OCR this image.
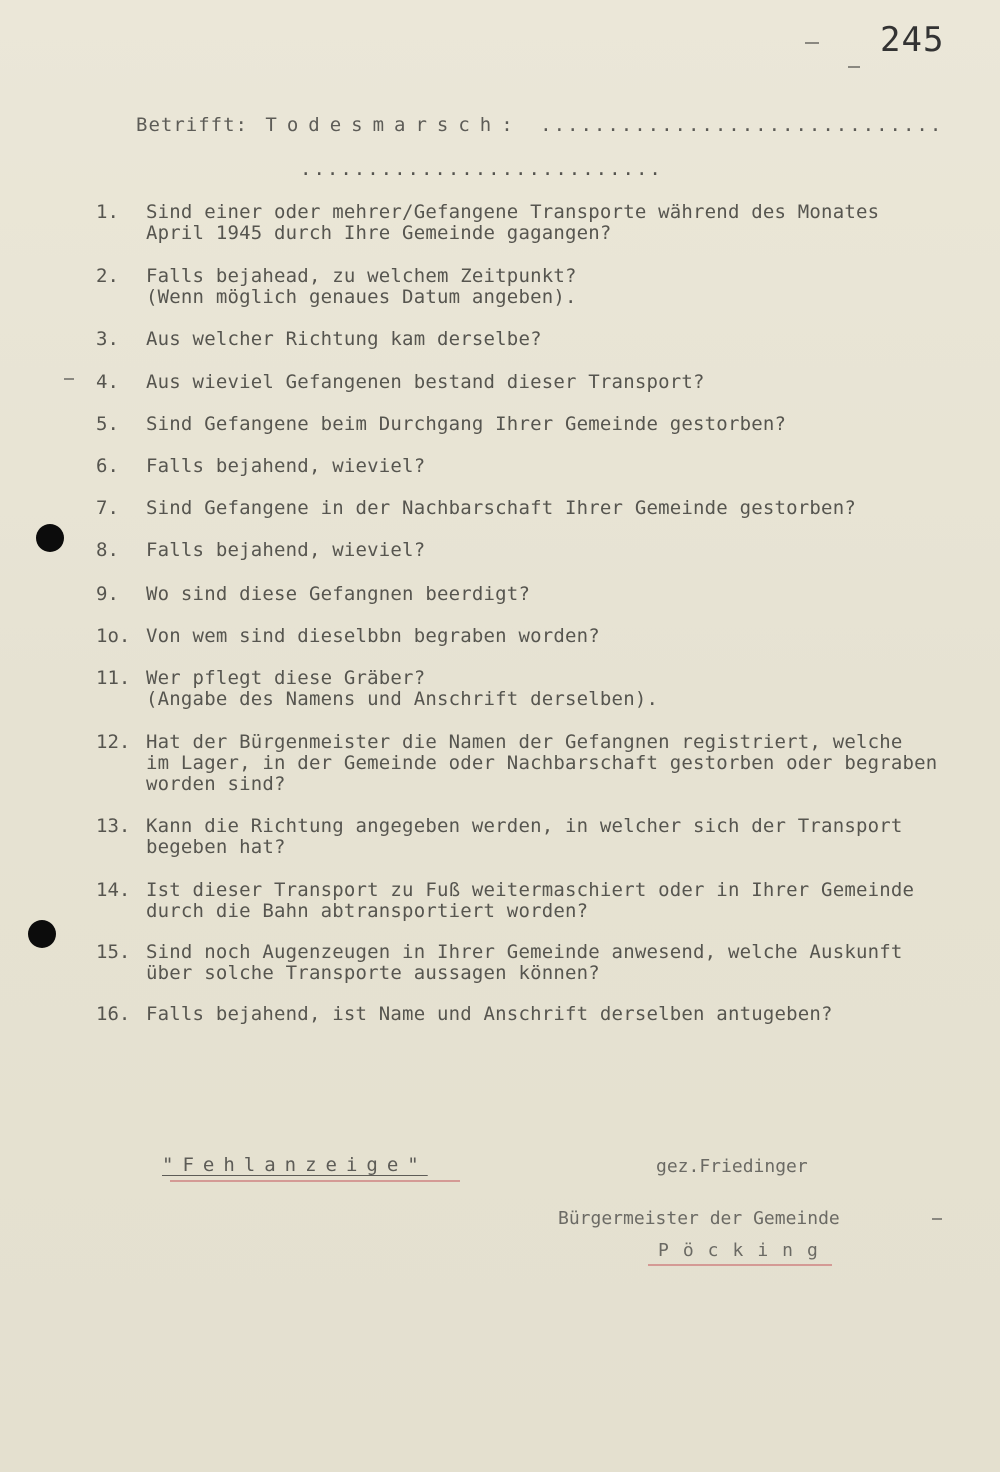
245
Betrifft: Todesmarsch: ..............................
...........................
1.	Sind einer oder mehrer/Gefangene Transporte während des Monates
April 1945 durch Ihre Gemeinde gagangen?
2.	Falls bejahead, zu welchem Zeitpunkt?
(Wenn möglich genaues Datum angeben).
3.	Aus welcher Richtung kam derselbe?
4.	Aus wieviel Gefangenen bestand dieser Transport?
5.	Sind Gefangene beim Durchgang Ihrer Gemeinde gestorben?
6.	Falls bejahend, wieviel?
7.	Sind Gefangene in der Nachbarschaft Ihrer Gemeinde gestorben?
8.	Falls bejahend, wieviel?
9.	Wo sind diese Gefangnen beerdigt?
1o. Von wem sind dieselbbn begraben worden?
11. Wer pflegt diese Gräber?
(Angabe des Namens und Anschrift derselben).
12. Hat der Bürgenmeister die Namen der Gefangnen registriert, welche
im Lager, in der Gemeinde oder Nachbarschaft gestorben oder begraben
worden sind?
13. Kann die Richtung angegeben werden, in welcher sich der Transport
begeben hat?
14. Ist dieser Transport zu Fuß weitermaschiert oder in Ihrer Gemeinde
durch die Bahn abtransportiert worden?
15. Sind noch Augenzeugen in Ihrer Gemeinde anwesend, welche Auskunft
über solche Transporte aussagen können?
16. Falls bejahend, ist Name und Anschrift derselben antugeben?
"Fehlanzeige"	gez.Friedinger
Bürgermeister der Gemeinde
Pöcking
